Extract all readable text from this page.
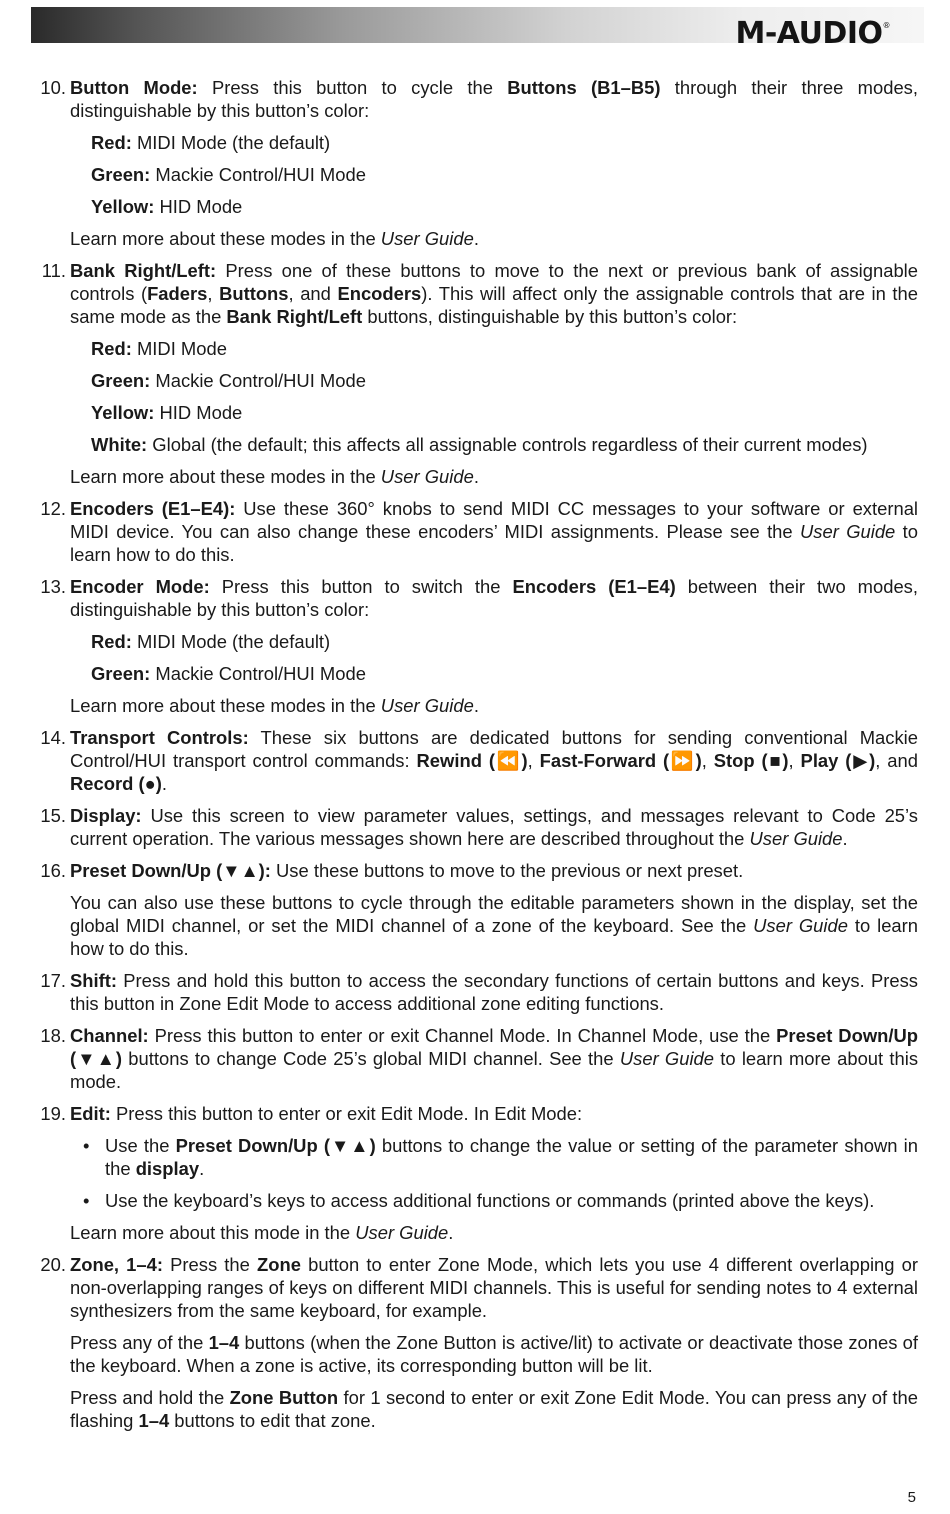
M-AUDIO®
10. Button Mode: Press this button to cycle the Buttons (B1–B5) through their three modes, distinguishable by this button’s color:
Red: MIDI Mode (the default)
Green: Mackie Control/HUI Mode
Yellow: HID Mode
Learn more about these modes in the User Guide.
11. Bank Right/Left: Press one of these buttons to move to the next or previous bank of assignable controls (Faders, Buttons, and Encoders). This will affect only the assignable controls that are in the same mode as the Bank Right/Left buttons, distinguishable by this button’s color:
Red: MIDI Mode
Green: Mackie Control/HUI Mode
Yellow: HID Mode
White: Global (the default; this affects all assignable controls regardless of their current modes)
Learn more about these modes in the User Guide.
12. Encoders (E1–E4): Use these 360° knobs to send MIDI CC messages to your software or external MIDI device. You can also change these encoders’ MIDI assignments. Please see the User Guide to learn how to do this.
13. Encoder Mode: Press this button to switch the Encoders (E1–E4) between their two modes, distinguishable by this button’s color:
Red: MIDI Mode (the default)
Green: Mackie Control/HUI Mode
Learn more about these modes in the User Guide.
14. Transport Controls: These six buttons are dedicated buttons for sending conventional Mackie Control/HUI transport control commands: Rewind (⏪), Fast-Forward (⏩), Stop (■), Play (▶), and Record (●).
15. Display: Use this screen to view parameter values, settings, and messages relevant to Code 25’s current operation. The various messages shown here are described throughout the User Guide.
16. Preset Down/Up (▼▲): Use these buttons to move to the previous or next preset.
You can also use these buttons to cycle through the editable parameters shown in the display, set the global MIDI channel, or set the MIDI channel of a zone of the keyboard. See the User Guide to learn how to do this.
17. Shift: Press and hold this button to access the secondary functions of certain buttons and keys. Press this button in Zone Edit Mode to access additional zone editing functions.
18. Channel: Press this button to enter or exit Channel Mode. In Channel Mode, use the Preset Down/Up (▼▲) buttons to change Code 25’s global MIDI channel. See the User Guide to learn more about this mode.
19. Edit: Press this button to enter or exit Edit Mode. In Edit Mode:
• Use the Preset Down/Up (▼▲) buttons to change the value or setting of the parameter shown in the display.
• Use the keyboard’s keys to access additional functions or commands (printed above the keys).
Learn more about this mode in the User Guide.
20. Zone, 1–4: Press the Zone button to enter Zone Mode, which lets you use 4 different overlapping or non-overlapping ranges of keys on different MIDI channels. This is useful for sending notes to 4 external synthesizers from the same keyboard, for example.
Press any of the 1–4 buttons (when the Zone Button is active/lit) to activate or deactivate those zones of the keyboard. When a zone is active, its corresponding button will be lit.
Press and hold the Zone Button for 1 second to enter or exit Zone Edit Mode. You can press any of the flashing 1–4 buttons to edit that zone.
5
